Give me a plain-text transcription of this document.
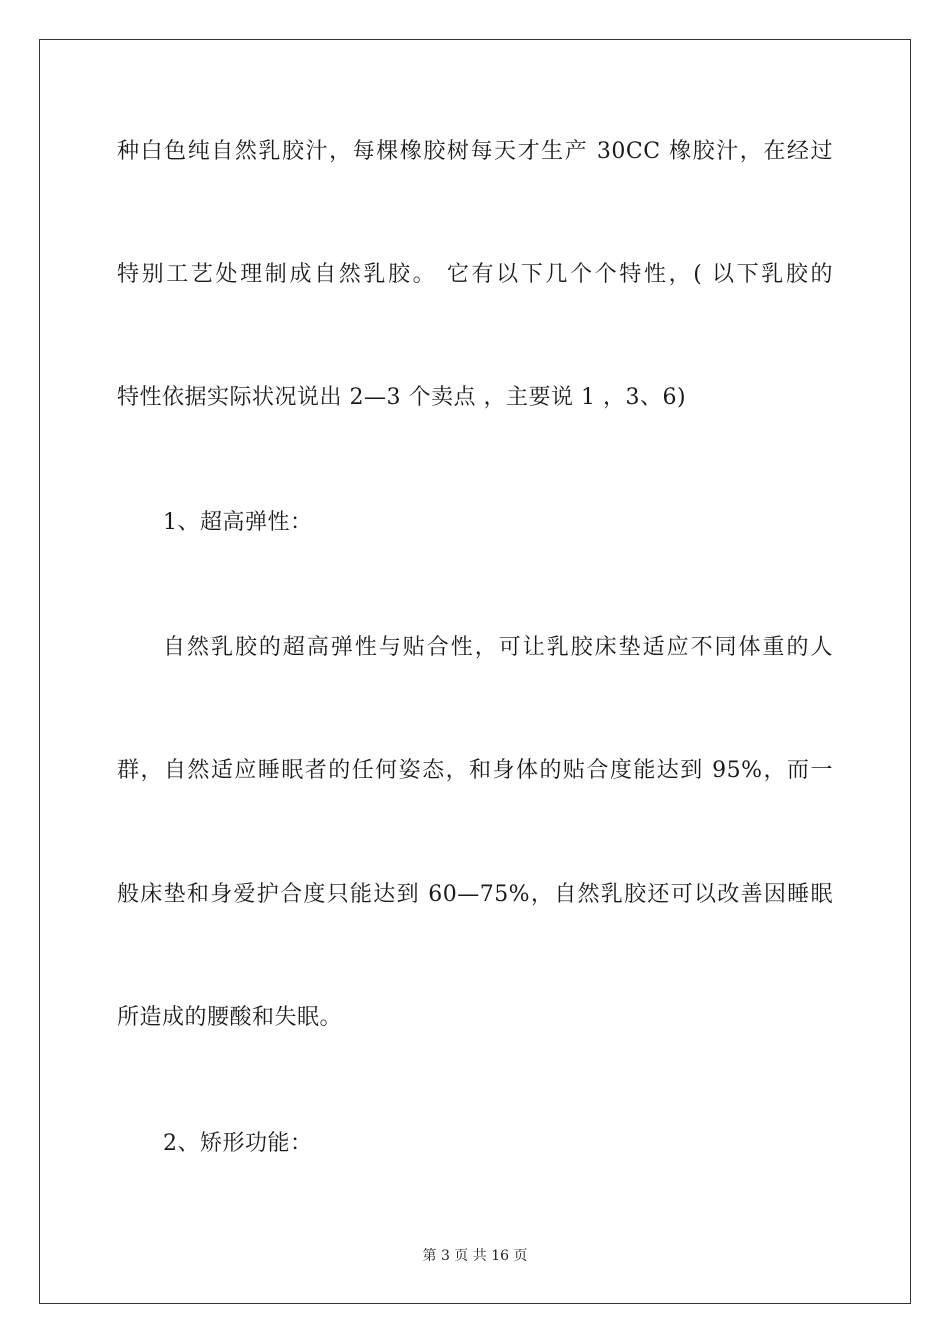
种白色纯自然乳胶汁，每棵橡胶树每天才生产 30CC 橡胶汁，在经过
特别工艺处理制成自然乳胶。 它有以下几个个特性，( 以下乳胶的
特性依据实际状况说出 2—3 个卖点 ，主要说 1 ，3、6)
1、超高弹性：
自然乳胶的超高弹性与贴合性，可让乳胶床垫适应不同体重的人
群，自然适应睡眠者的任何姿态，和身体的贴合度能达到 95%，而一
般床垫和身爱护合度只能达到 60—75%，自然乳胶还可以改善因睡眠
所造成的腰酸和失眠。
2、矫形功能：
第 3 页 共 16 页
